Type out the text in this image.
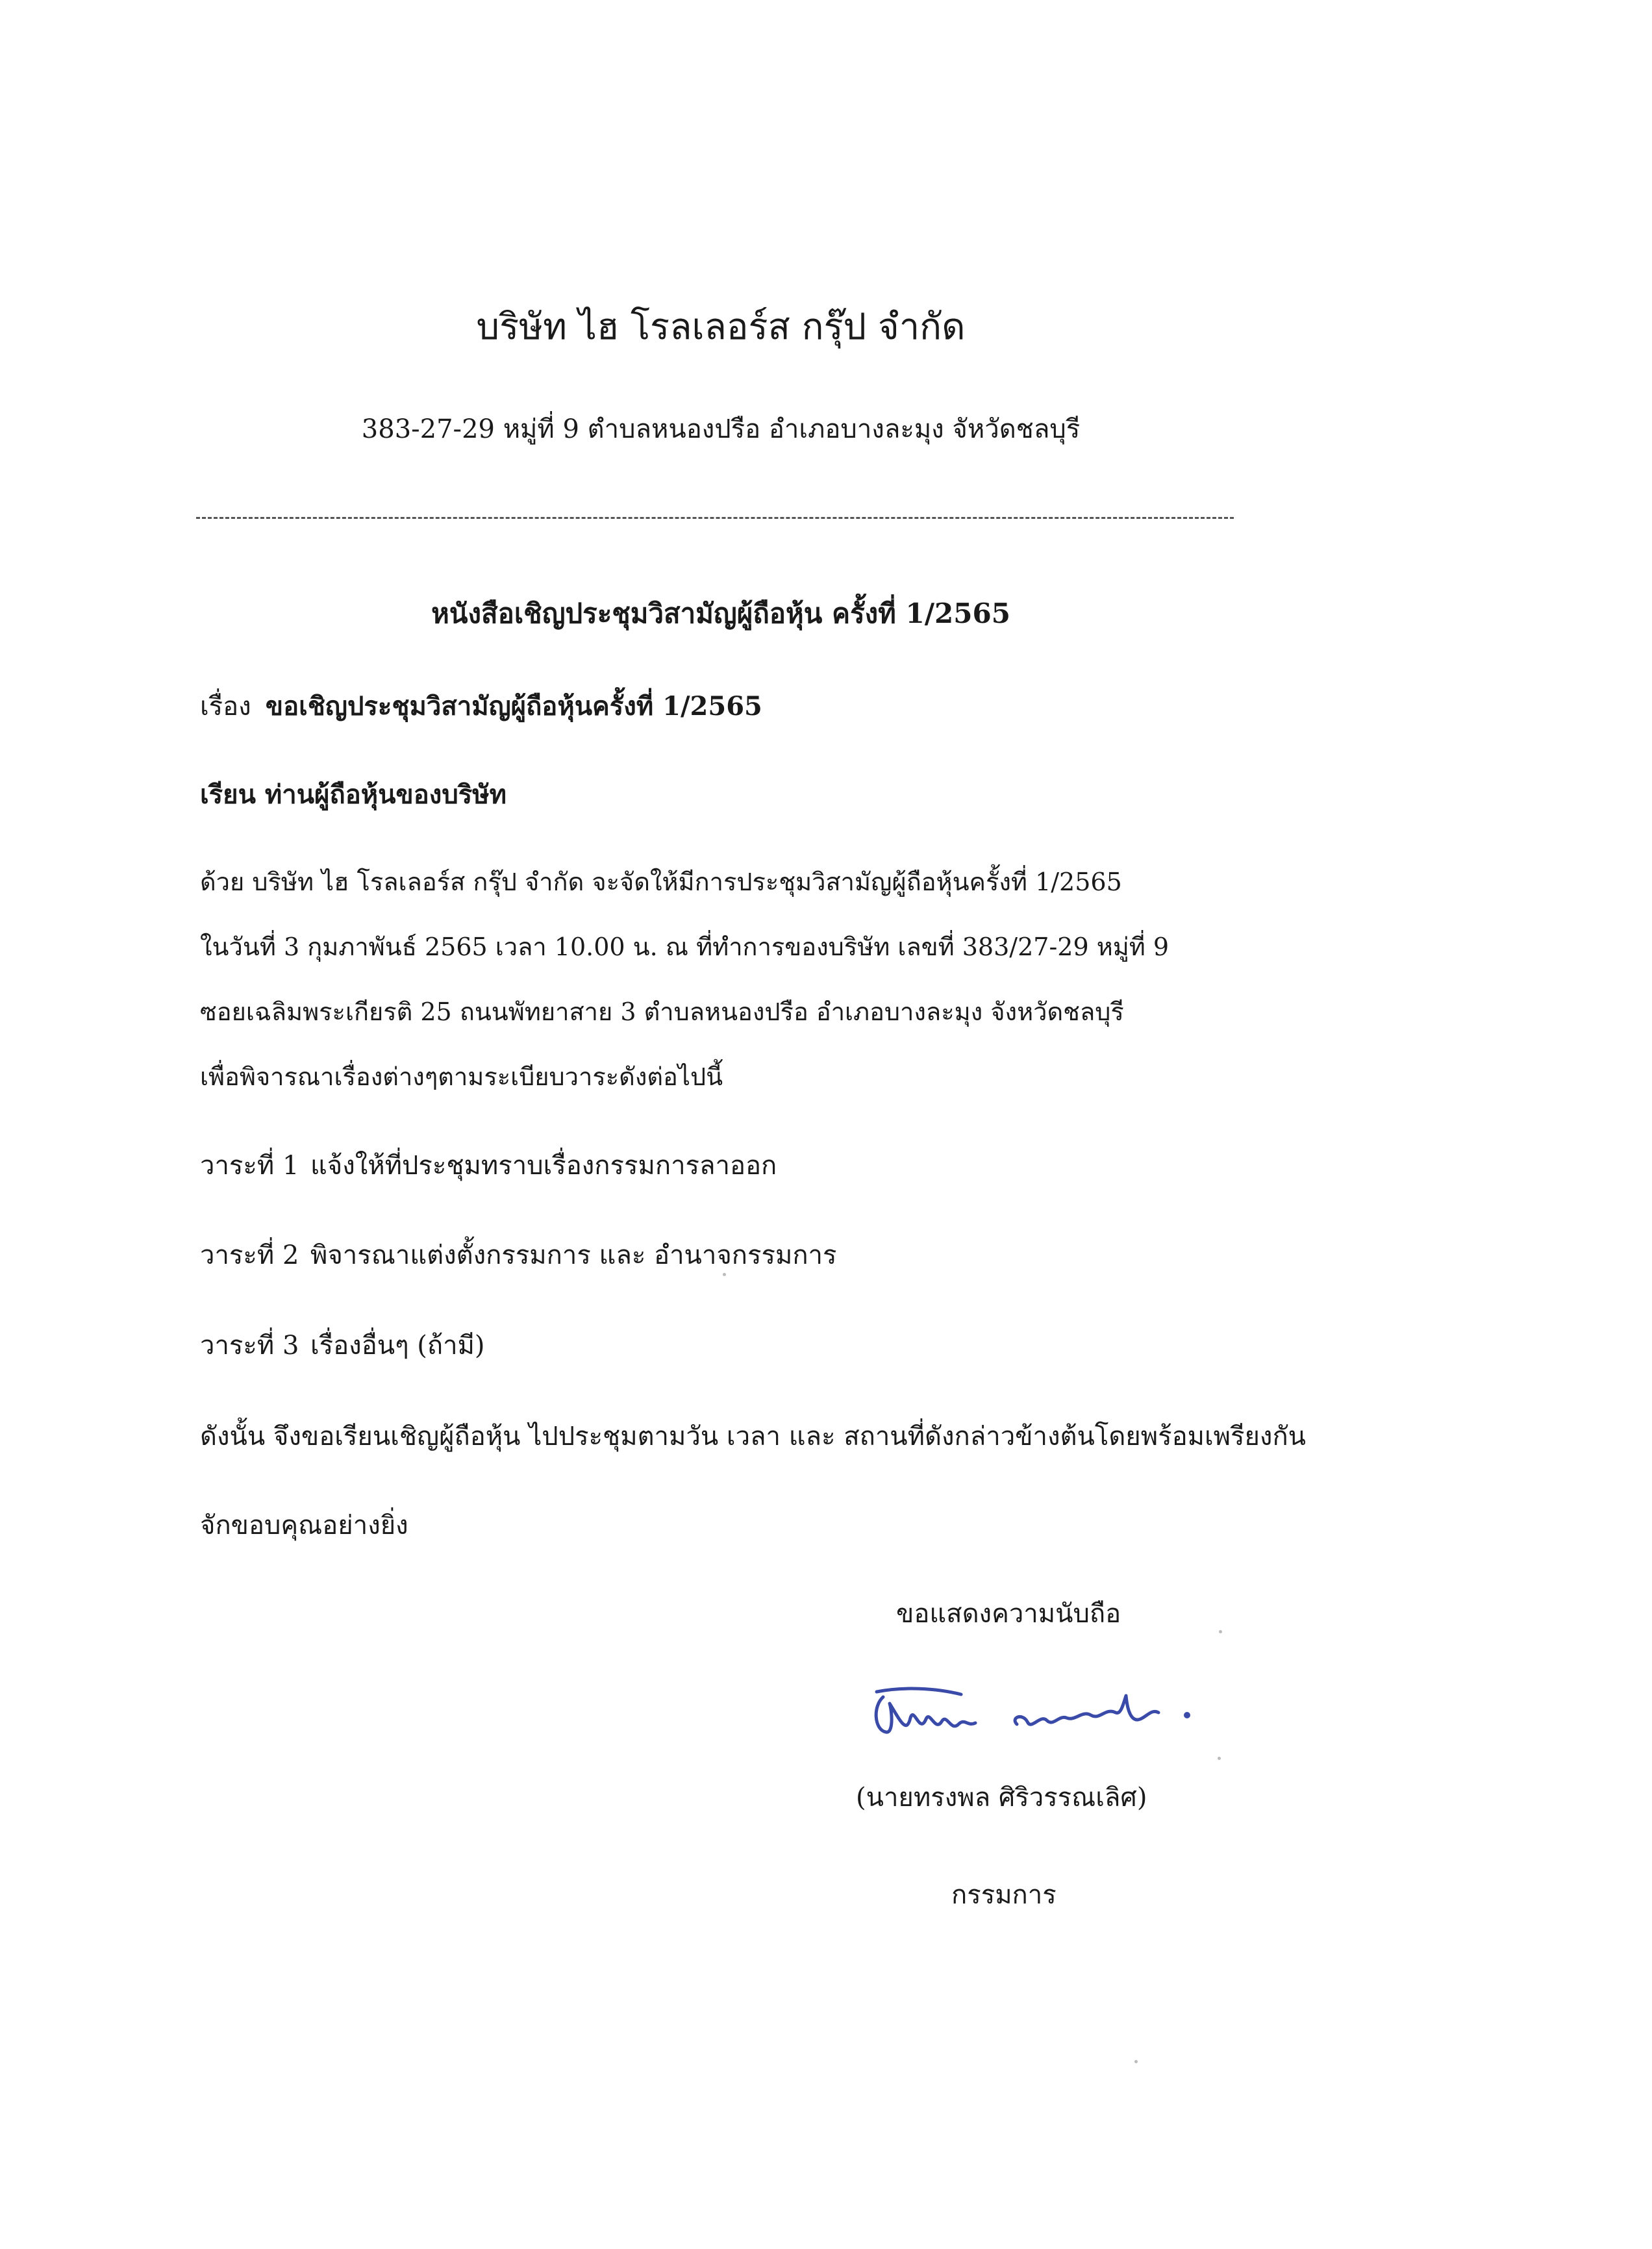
บริษัท ไฮ โรลเลอร์ส กรุ๊ป จำกัด
383-27-29 หมู่ที่ 9 ตำบลหนองปรือ อำเภอบางละมุง จัหวัดชลบุรี
หนังสือเชิญประชุมวิสามัญผู้ถือหุ้น ครั้งที่ 1/2565
เรื่อง ขอเชิญประชุมวิสามัญผู้ถือหุ้นครั้งที่ 1/2565
เรียน ท่านผู้ถือหุ้นของบริษัท
ด้วย บริษัท ไฮ โรลเลอร์ส กรุ๊ป จำกัด จะจัดให้มีการประชุมวิสามัญผู้ถือหุ้นครั้งที่ 1/2565
ในวันที่ 3 กุมภาพันธ์ 2565 เวลา 10.00 น. ณ ที่ทำการของบริษัท เลขที่ 383/27-29 หมู่ที่ 9
ซอยเฉลิมพระเกียรติ 25 ถนนพัทยาสาย 3 ตำบลหนองปรือ อำเภอบางละมุง จังหวัดชลบุรี
เพื่อพิจารณาเรื่องต่างๆตามระเบียบวาระดังต่อไปนี้
วาระที่ 1 แจ้งให้ที่ประชุมทราบเรื่องกรรมการลาออก
วาระที่ 2 พิจารณาแต่งตั้งกรรมการ และ อำนาจกรรมการ
วาระที่ 3 เรื่องอื่นๆ (ถ้ามี)
ดังนั้น จึงขอเรียนเชิญผู้ถือหุ้น ไปประชุมตามวัน เวลา และ สถานที่ดังกล่าวข้างต้นโดยพร้อมเพรียงกัน
จักขอบคุณอย่างยิ่ง
ขอแสดงความนับถือ
(นายทรงพล ศิริวรรณเลิศ)
กรรมการ
